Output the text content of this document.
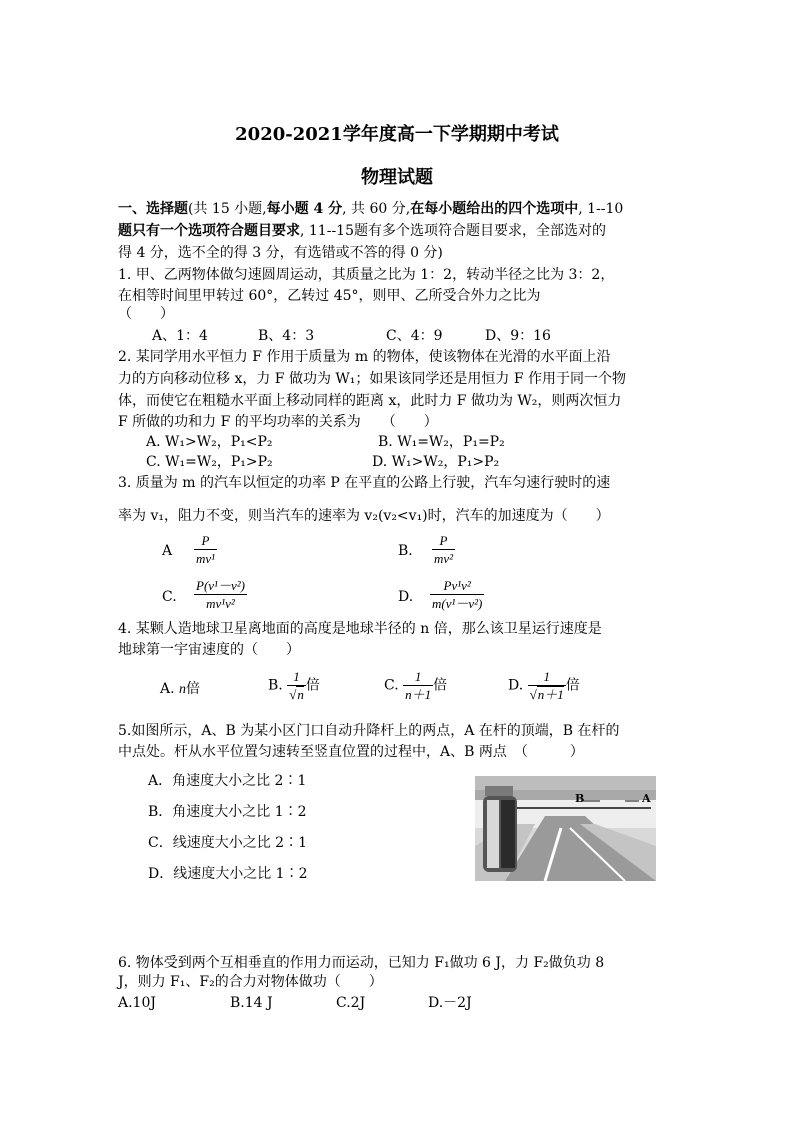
2020-2021学年度高一下学期期中考试
物理试题
一、选择题(共 15 小题,每小题 4 分, 共 60 分,在每小题给出的四个选项中, 1--10
题只有一个选项符合题目要求, 11--15题有多个选项符合题目要求，全部选对的
得 4 分，选不全的得 3 分，有选错或不答的得 0 分)
1. 甲、乙两物体做匀速圆周运动，其质量之比为 1：2，转动半径之比为 3：2，
在相等时间里甲转过 60°，乙转过 45°，则甲、乙所受合外力之比为
（　　）
A、1：4	B、4：3	C、4：9	D、9：16
2. 某同学用水平恒力 F 作用于质量为 m 的物体，使该物体在光滑的水平面上沿
力的方向移动位移 x，力 F 做功为 W₁；如果该同学还是用恒力 F 作用于同一个物
体，而使它在粗糙水平面上移动同样的距离 x，此时力 F 做功为 W₂，则两次恒力
F 所做的功和力 F 的平均功率的关系为　　（　　）
A. W₁>W₂，P₁<P₂	B. W₁=W₂，P₁=P₂
C. W₁=W₂，P₁>P₂	D. W₁>W₂，P₁>P₂
3. 质量为 m 的汽车以恒定的功率 P 在平直的公路上行驶，汽车匀速行驶时的速
率为 v₁，阻力不变，则当汽车的速率为 v₂(v₂<v₁)时，汽车的加速度为（　　）
A $\frac{P}{\text{mv¹}}$	B. $\frac{P}{\text{mv²}}$
C. $\frac{\text{P(v¹－v²)}}{\text{mv¹v²}}$	D. $\frac{\text{Pv¹v²}}{\text{m(v¹－v²)}}$
4. 某颗人造地球卫星离地面的高度是地球半径的 n 倍，那么该卫星运行速度是
地球第一宇宙速度的（　　）
A. n倍	B. $\frac{1}{√n}$ 倍	C. $\frac{1}{n+1}$ 倍	D. $\frac{1}{√n+1}$ 倍
5.如图所示，A、B 为某小区门口自动升降杆上的两点，A 在杆的顶端，B 在杆的
中点处。杆从水平位置匀速转至竖直位置的过程中，A、B 两点　（　　　）
A．角速度大小之比 2∶1
B．角速度大小之比 1∶2
C．线速度大小之比 2∶1
D．线速度大小之比 1∶2
B	A
6. 物体受到两个互相垂直的作用力而运动，已知力 F₁做功 6 J，力 F₂做负功 8
J，则力 F₁、F₂的合力对物体做功（　　）
A.10J	B.14 J	C.2J	D.－2J
